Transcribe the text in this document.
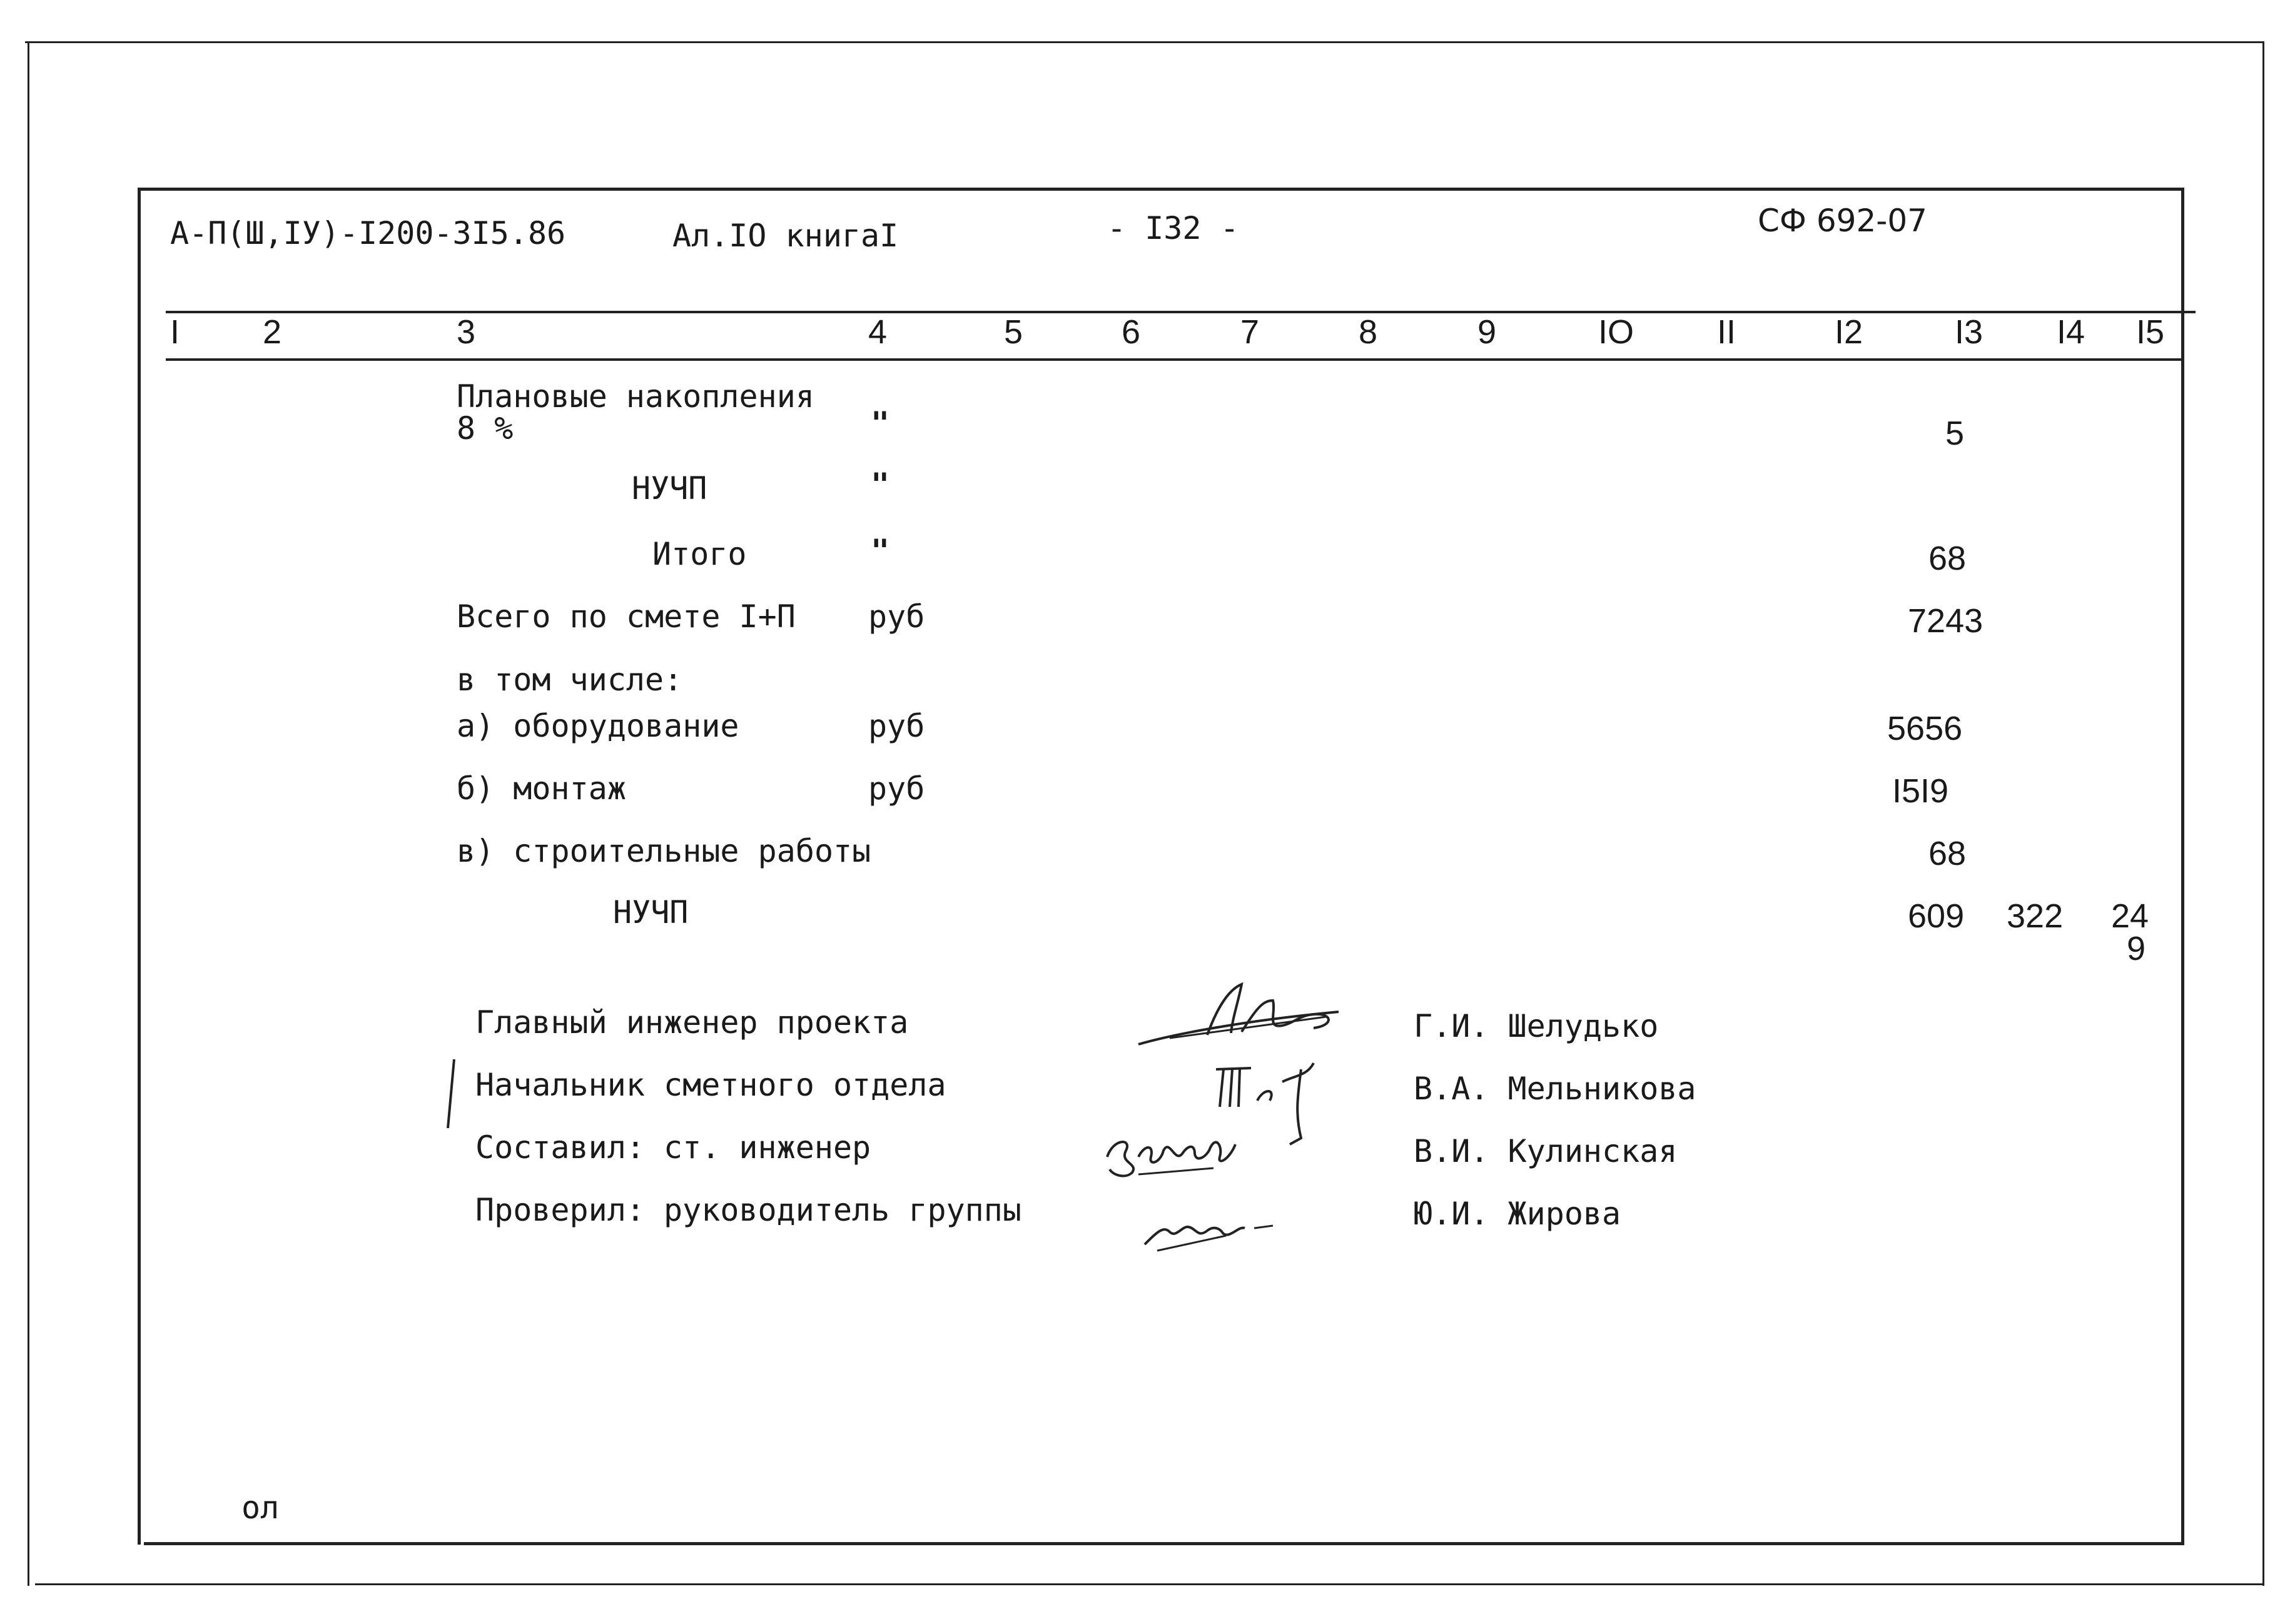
А-П(Ш,IУ)-I200-3I5.86	Ал.IО книгаI	- I32 -	СФ 692-07
I 2	3	4	5	6	7	8	9	IО II	I2	I3 I4 I5
Плановые накопления
8 %	"	5
НУЧП	"
Итого	"	68
Всего по смете I+П руб	7243
в том числе:
а) оборудование	руб	5656
б) монтаж	руб	I5I9
в) строительные работы	68
НУЧП	609 322 24
9
Главный инженер проекта
Начальник сметного отдела
Составил: ст. инженер
Проверил: руководитель группы
Г.И. Шелудько
В.А. Мельникова
В.И. Кулинская
Ю.И. Жирова
ол
